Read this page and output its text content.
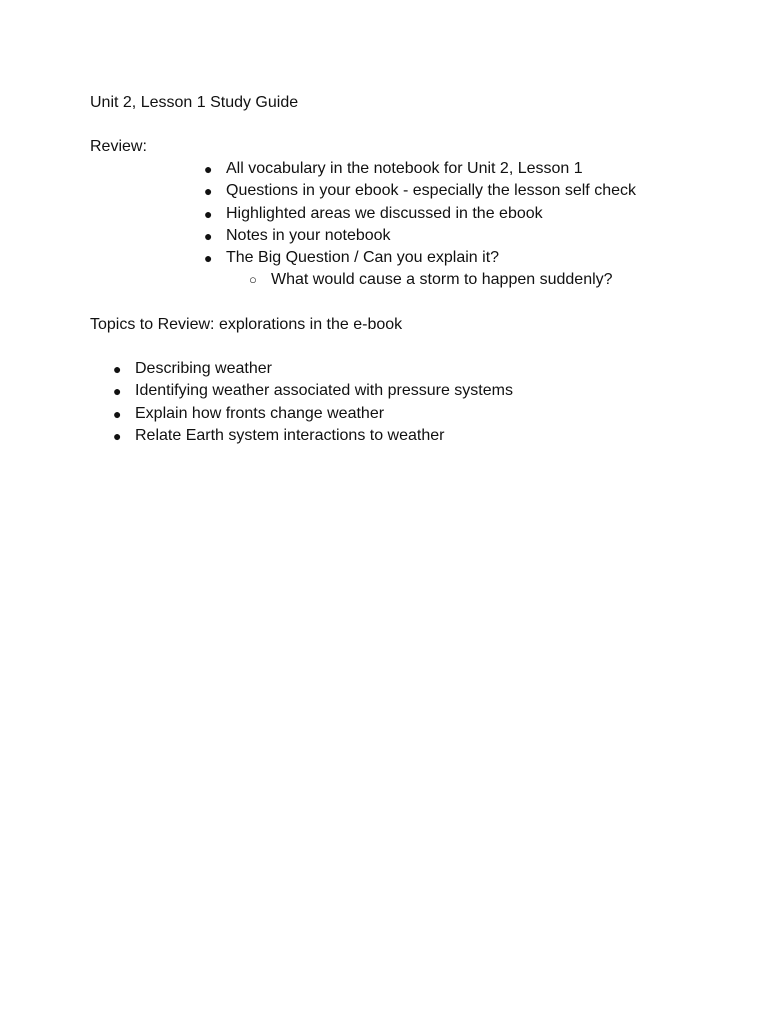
Unit 2, Lesson 1 Study Guide
Review:
● All vocabulary in the notebook for Unit 2, Lesson 1
● Questions in your ebook - especially the lesson self check
● Highlighted areas we discussed in the ebook
● Notes in your notebook
● The Big Question / Can you explain it?
○ What would cause a storm to happen suddenly?
Topics to Review: explorations in the e-book
● Describing weather
● Identifying weather associated with pressure systems
● Explain how fronts change weather
● Relate Earth system interactions to weather
